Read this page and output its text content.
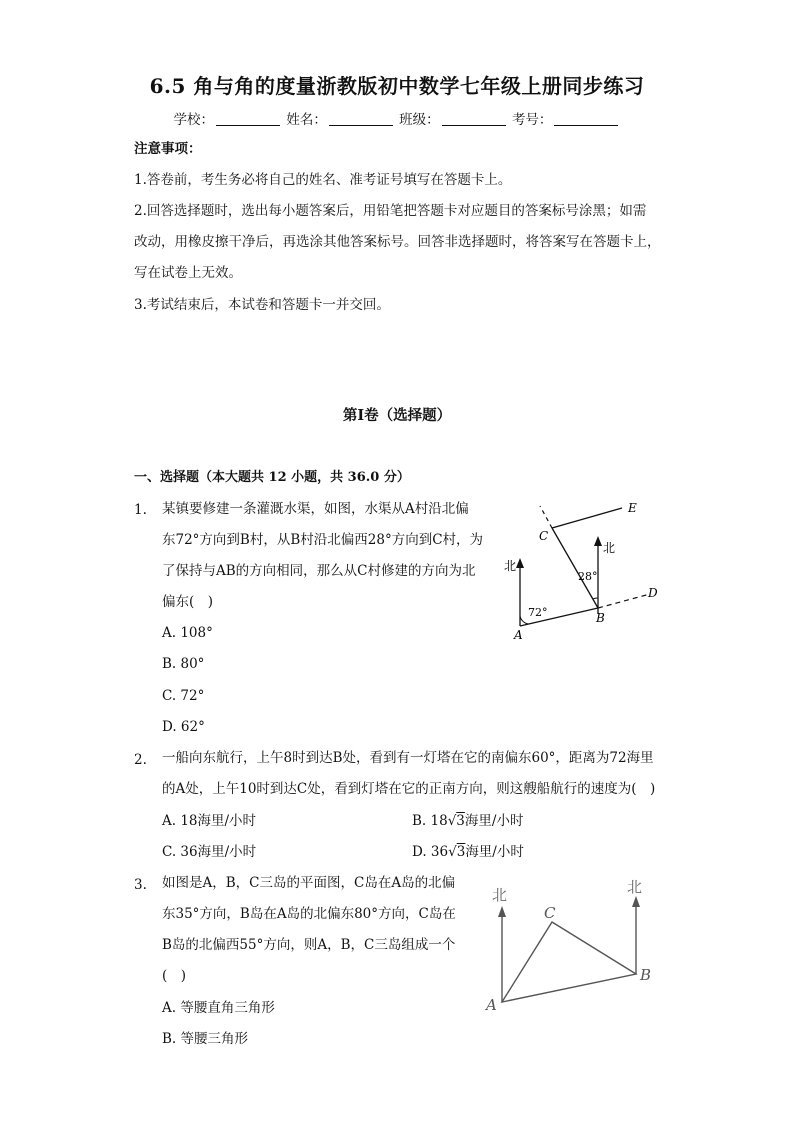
6.5 角与角的度量浙教版初中数学七年级上册同步练习
学校：	姓名：	班级：	考号：
注意事项：
1.答卷前，考生务必将自己的姓名、准考证号填写在答题卡上。
2.回答选择题时，选出每小题答案后，用铅笔把答题卡对应题目的答案标号涂黑；如需
改动，用橡皮擦干净后，再选涂其他答案标号。回答非选择题时，将答案写在答题卡上，
写在试卷上无效。
3.考试结束后，本试卷和答题卡一并交回。
第Ⅰ卷（选择题）
一、选择题（本大题共 12 小题，共 36.0 分）
1. 某镇要修建一条灌溉水渠，如图，水渠从A村沿北偏
东72°方向到B村，从B村沿北偏西28°方向到C村，为
了保持与AB的方向相同，那么从C村修建的方向为北
偏东(　)
A. 108°
B. 80°
C. 72°
D. 62°
北
北
72°
28°
A
B
C
D
E
2. 一船向东航行，上午8时到达B处，看到有一灯塔在它的南偏东60°，距离为72海里
的A处，上午10时到达C处，看到灯塔在它的正南方向，则这艘船航行的速度为(　)
A. 18海里/小时	B. 18√3海里/小时
C. 36海里/小时	D. 36√3海里/小时
3. 如图是A，B，C三岛的平面图，C岛在A岛的北偏
东35°方向，B岛在A岛的北偏东80°方向，C岛在
B岛的北偏西55°方向，则A，B，C三岛组成一个
(　)
A. 等腰直角三角形
B. 等腰三角形
北	北
A
C
B
